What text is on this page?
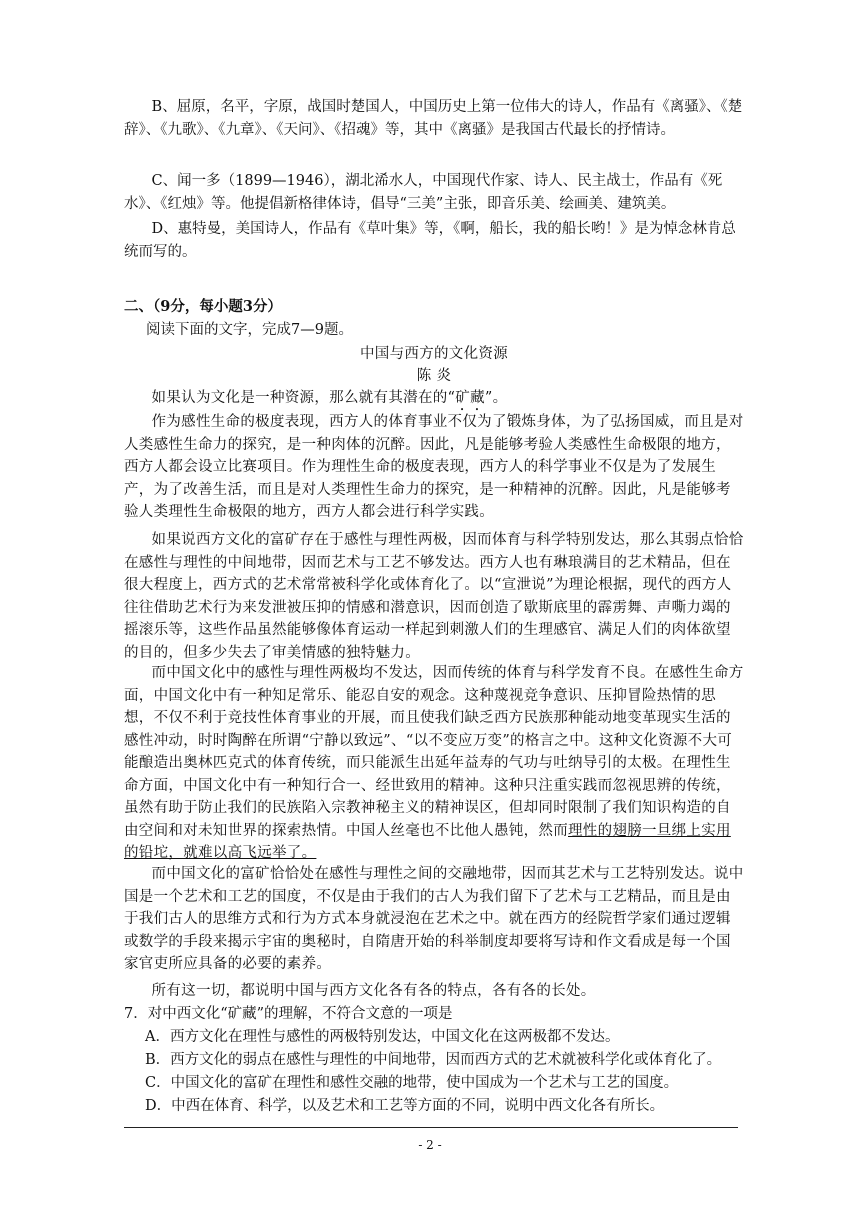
B、屈原，名平，字原，战国时楚国人，中国历史上第一位伟大的诗人，作品有《离骚》、《楚辞》、《九歌》、《九章》、《天问》、《招魂》等，其中《离骚》是我国古代最长的抒情诗。

C、闻一多（1899—1946），湖北浠水人，中国现代作家、诗人、民主战士，作品有《死水》、《红烛》等。他提倡新格律体诗，倡导“三美”主张，即音乐美、绘画美、建筑美。

D、惠特曼，美国诗人，作品有《草叶集》等，《啊，船长，我的船长哟！》是为悼念林肯总统而写的。

二、（9分，每小题3分）

阅读下面的文字，完成7—9题。

中国与西方的文化资源

陈 炎

如果认为文化是一种资源，那么就有其潜在的“矿藏”。

作为感性生命的极度表现，西方人的体育事业不仅为了锻炼身体，为了弘扬国威，而且是对人类感性生命力的探究，是一种肉体的沉醉。因此，凡是能够考验人类感性生命极限的地方，西方人都会设立比赛项目。作为理性生命的极度表现，西方人的科学事业不仅是为了发展生产，为了改善生活，而且是对人类理性生命力的探究，是一种精神的沉醉。因此，凡是能够考验人类理性生命极限的地方，西方人都会进行科学实践。

如果说西方文化的富矿存在于感性与理性两极，因而体育与科学特别发达，那么其弱点恰恰在感性与理性的中间地带，因而艺术与工艺不够发达。西方人也有琳琅满目的艺术精品，但在很大程度上，西方式的艺术常常被科学化或体育化了。以“宣泄说”为理论根据，现代的西方人往往借助艺术行为来发泄被压抑的情感和潜意识，因而创造了歇斯底里的霹雳舞、声嘶力竭的摇滚乐等，这些作品虽然能够像体育运动一样起到刺激人们的生理感官、满足人们的肉体欲望的目的，但多少失去了审美情感的独特魅力。

而中国文化中的感性与理性两极均不发达，因而传统的体育与科学发育不良。在感性生命方面，中国文化中有一种知足常乐、能忍自安的观念。这种蔑视竞争意识、压抑冒险热情的思想，不仅不利于竞技性体育事业的开展，而且使我们缺乏西方民族那种能动地变革现实生活的感性冲动，时时陶醉在所谓“宁静以致远”、“以不变应万变”的格言之中。这种文化资源不大可能酿造出奥林匹克式的体育传统，而只能派生出延年益寿的气功与吐纳导引的太极。在理性生命方面，中国文化中有一种知行合一、经世致用的精神。这种只注重实践而忽视思辨的传统，虽然有助于防止我们的民族陷入宗教神秘主义的精神误区，但却同时限制了我们知识构造的自由空间和对未知世界的探索热情。中国人丝毫也不比他人愚钝，然而理性的翅膀一旦绑上实用的铅坨，就难以高飞远举了。

而中国文化的富矿恰恰处在感性与理性之间的交融地带，因而其艺术与工艺特别发达。说中国是一个艺术和工艺的国度，不仅是由于我们的古人为我们留下了艺术与工艺精品，而且是由于我们古人的思维方式和行为方式本身就浸泡在艺术之中。就在西方的经院哲学家们通过逻辑或数学的手段来揭示宇宙的奥秘时，自隋唐开始的科举制度却要将写诗和作文看成是每一个国家官吏所应具备的必要的素养。

所有这一切，都说明中国与西方文化各有各的特点，各有各的长处。

7．对中西文化“矿藏”的理解，不符合文意的一项是

A．西方文化在理性与感性的两极特别发达，中国文化在这两极都不发达。

B．西方文化的弱点在感性与理性的中间地带，因而西方式的艺术就被科学化或体育化了。

C．中国文化的富矿在理性和感性交融的地带，使中国成为一个艺术与工艺的国度。

D．中西在体育、科学，以及艺术和工艺等方面的不同，说明中西文化各有所长。

- 2 -
